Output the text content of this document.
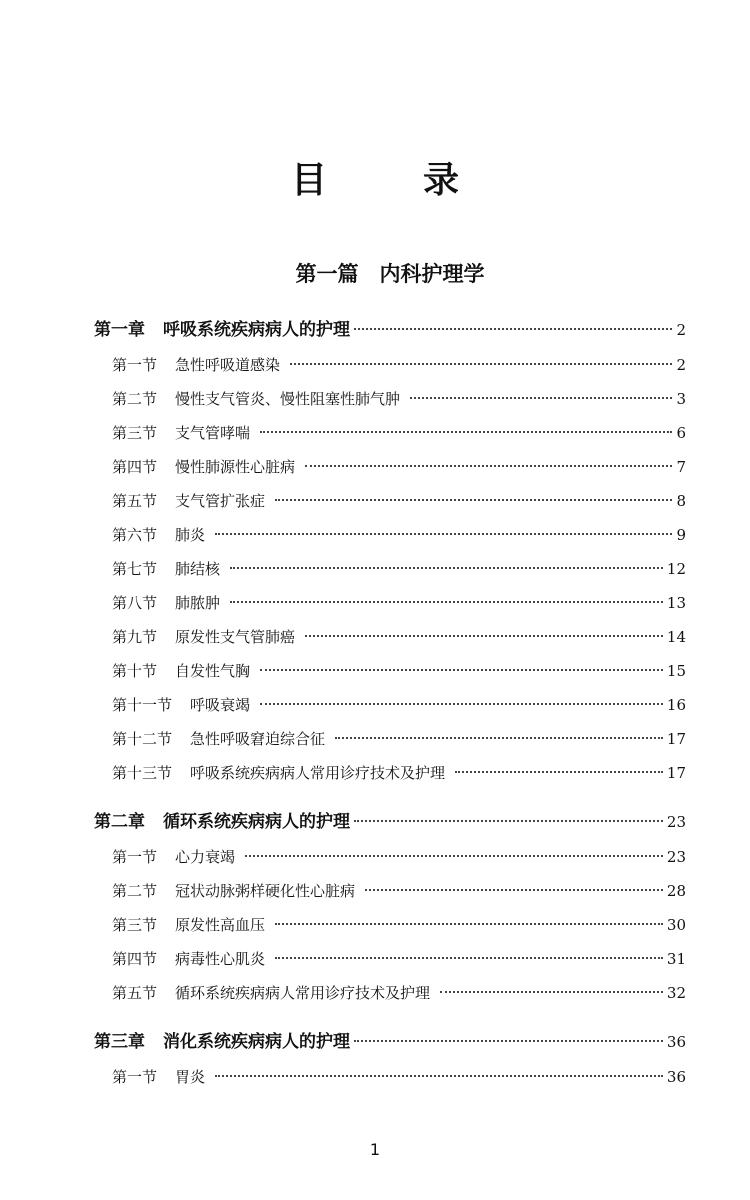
目　录
第一篇　内科护理学
第一章 呼吸系统疾病病人的护理	2
第一节 急性呼吸道感染	2
第二节 慢性支气管炎、慢性阻塞性肺气肿	3
第三节 支气管哮喘	6
第四节 慢性肺源性心脏病	7
第五节 支气管扩张症	8
第六节 肺炎	9
第七节 肺结核	12
第八节 肺脓肿	13
第九节 原发性支气管肺癌	14
第十节 自发性气胸	15
第十一节 呼吸衰竭	16
第十二节 急性呼吸窘迫综合征	17
第十三节 呼吸系统疾病病人常用诊疗技术及护理	17
第二章 循环系统疾病病人的护理	23
第一节 心力衰竭	23
第二节 冠状动脉粥样硬化性心脏病	28
第三节 原发性高血压	30
第四节 病毒性心肌炎	31
第五节 循环系统疾病病人常用诊疗技术及护理	32
第三章 消化系统疾病病人的护理	36
第一节 胃炎	36
1
